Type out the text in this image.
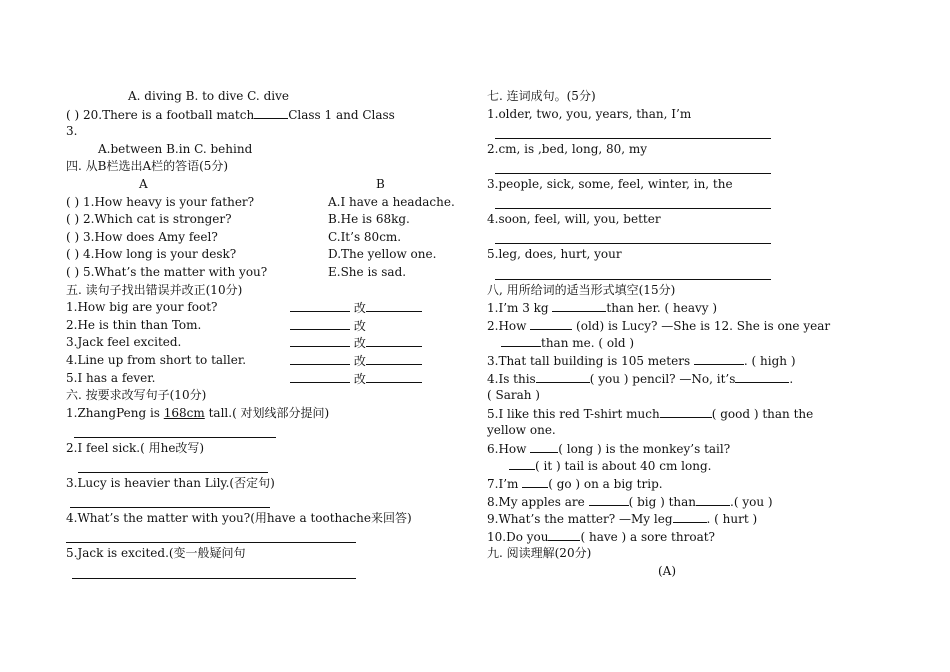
A. diving B. to dive C. dive
( ) 20.There is a football match	Class 1 and Class
3.
A.between B.in C. behind
四. 从B栏选出A栏的答语(5分)
A	B
( ) 1.How heavy is your father?	A.I have a headache.
( ) 2.Which cat is stronger?	B.He is 68kg.
( ) 3.How does Amy feel?	C.It’s 80cm.
( ) 4.How long is your desk?	D.The yellow one.
( ) 5.What’s the matter with you?	E.She is sad.
五. 读句子找出错误并改正(10分)
1.How big are your foot?	改
2.He is thin than Tom.	改
3.Jack feel excited.	改
4.Line up from short to taller.	改
5.I has a fever.	改
六. 按要求改写句子(10分)
1.ZhangPeng is 168cm tall.( 对划线部分提问)
2.I feel sick.( 用he改写)
3.Lucy is heavier than Lily.(否定句)
4.What’s the matter with you?(用have a toothache来回答)
5.Jack is excited.(变一般疑问句
七. 连词成句。(5分)
1.older, two, you, years, than, I’m
2.cm, is ,bed, long, 80, my
3.people, sick, some, feel, winter, in, the
4.soon, feel, will, you, better
5.leg, does, hurt, your
八, 用所给词的适当形式填空(15分)
1.I’m 3 kg	than her. ( heavy )
2.How	(old) is Lucy? —She is 12. She is one year
than me. ( old )
3.That tall building is 105 meters	. ( high )
4.Is this	( you ) pencil? —No, it’s	.
( Sarah )
5.I like this red T-shirt much	( good ) than the
yellow one.
6.How ( long ) is the monkey’s tail?
( it ) tail is about 40 cm long.
7.I’m ( go ) on a big trip.
8.My apples are	( big ) than	.( you )
9.What’s the matter? —My leg	. ( hurt )
10.Do you	( have ) a sore throat?
九. 阅读理解(20分)
(A)
